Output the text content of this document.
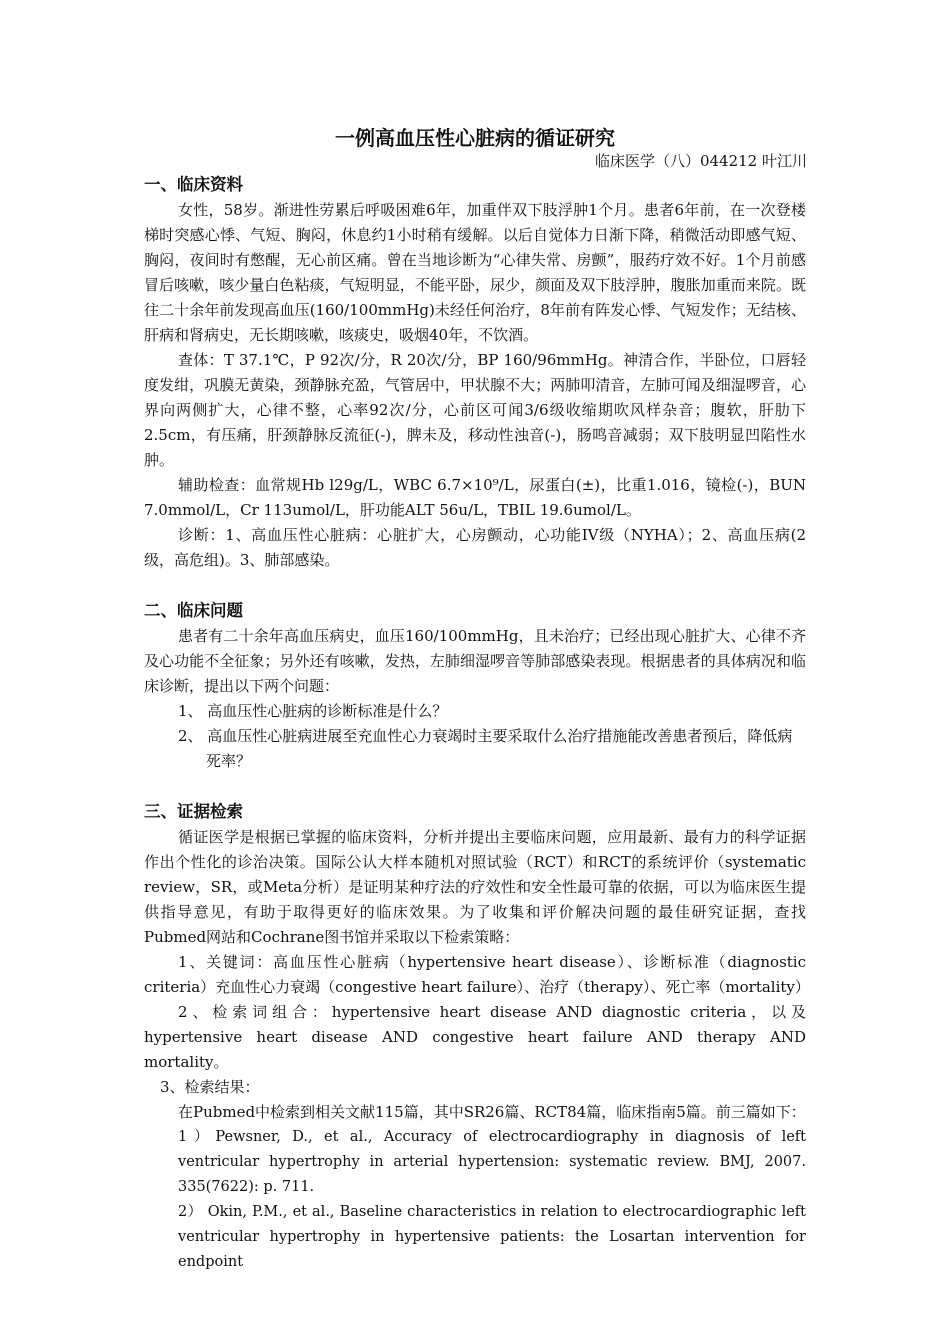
一例高血压性心脏病的循证研究
临床医学（八）044212 叶江川
一、临床资料

女性，58岁。渐进性劳累后呼吸困难6年，加重伴双下肢浮肿1个月。患者6年前，在一次登楼梯时突感心悸、气短、胸闷，休息约1小时稍有缓解。以后自觉体力日渐下降，稍微活动即感气短、胸闷，夜间时有憋醒，无心前区痛。曾在当地诊断为“心律失常、房颤”，服药疗效不好。1个月前感冒后咳嗽，咳少量白色粘痰，气短明显，不能平卧，尿少，颜面及双下肢浮肿，腹胀加重而来院。既往二十余年前发现高血压(160/100mmHg)未经任何治疗，8年前有阵发心悸、气短发作；无结核、肝病和肾病史，无长期咳嗽，咳痰史，吸烟40年，不饮酒。

查体：T 37.1℃，P 92次/分，R 20次/分，BP 160/96mmHg。神清合作，半卧位，口唇轻度发绀，巩膜无黄染，颈静脉充盈，气管居中，甲状腺不大；两肺叩清音，左肺可闻及细湿啰音，心界向两侧扩大，心律不整，心率92次/分，心前区可闻3/6级收缩期吹风样杂音；腹软，肝肋下2.5cm，有压痛，肝颈静脉反流征(-)，脾未及，移动性浊音(-)，肠鸣音减弱；双下肢明显凹陷性水肿。

辅助检查：血常规Hb l29g/L，WBC 6.7×10⁹/L，尿蛋白(±)，比重1.016，镜检(-)，BUN 7.0mmol/L，Cr 113umol/L，肝功能ALT 56u/L，TBIL 19.6umol/L。

诊断：1、高血压性心脏病：心脏扩大，心房颤动，心功能IV级（NYHA）；2、高血压病(2级，高危组)。3、肺部感染。

二、临床问题

患者有二十余年高血压病史，血压160/100mmHg，且未治疗；已经出现心脏扩大、心律不齐及心功能不全征象；另外还有咳嗽，发热，左肺细湿啰音等肺部感染表现。根据患者的具体病况和临床诊断，提出以下两个问题：

1、 高血压性心脏病的诊断标准是什么？

2、 高血压性心脏病进展至充血性心力衰竭时主要采取什么治疗措施能改善患者预后，降低病死率？

三、证据检索

循证医学是根据已掌握的临床资料，分析并提出主要临床问题，应用最新、最有力的科学证据作出个性化的诊治决策。国际公认大样本随机对照试验（RCT）和RCT的系统评价（systematic review，SR，或Meta分析）是证明某种疗法的疗效性和安全性最可靠的依据，可以为临床医生提供指导意见，有助于取得更好的临床效果。为了收集和评价解决问题的最佳研究证据，查找Pubmed网站和Cochrane图书馆并采取以下检索策略：

1、关键词：高血压性心脏病（hypertensive heart disease）、诊断标准（diagnostic criteria）充血性心力衰竭（congestive heart failure）、治疗（therapy）、死亡率（mortality）

2、检索词组合：hypertensive heart disease AND diagnostic criteria，以及hypertensive heart disease AND congestive heart failure AND therapy AND mortality。

3、检索结果：

在Pubmed中检索到相关文献115篇，其中SR26篇、RCT84篇，临床指南5篇。前三篇如下：

1）Pewsner, D., et al., Accuracy of electrocardiography in diagnosis of left ventricular hypertrophy in arterial hypertension: systematic review. BMJ, 2007. 335(7622): p. 711.

2） Okin, P.M., et al., Baseline characteristics in relation to electrocardiographic left ventricular hypertrophy in hypertensive patients: the Losartan intervention for endpoint
